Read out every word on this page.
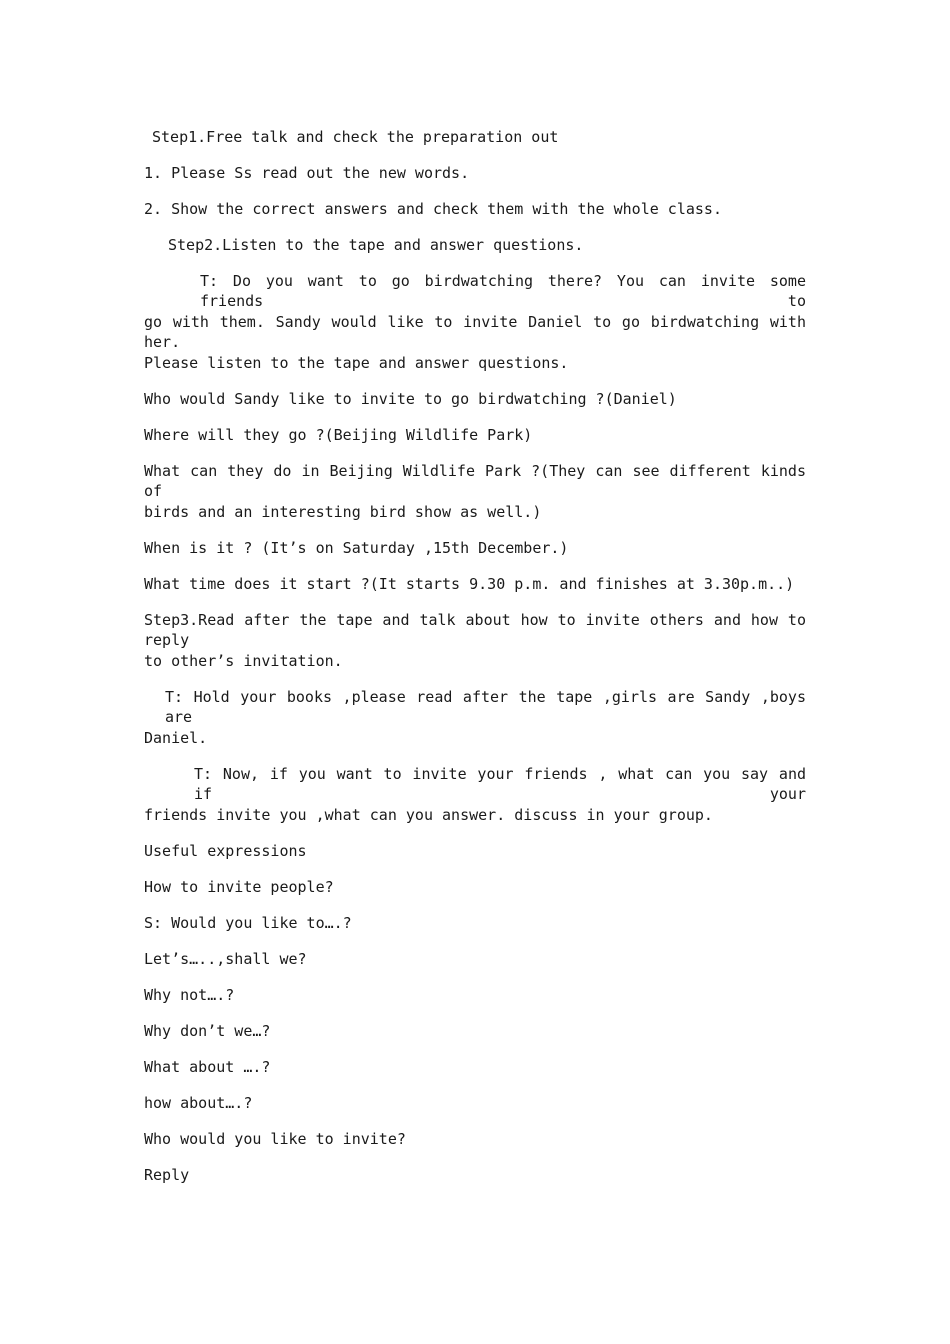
Step1.Free talk and check the preparation out
1. Please Ss read out the new words.
2. Show the correct answers and check them with the whole class.
Step2.Listen to the tape and answer questions.
T: Do you want to go birdwatching there? You can invite some friends to
go with them. Sandy would like to invite Daniel to go birdwatching with her.
Please listen to the tape and answer questions.
Who would Sandy like to invite to go birdwatching ?(Daniel)
Where will they go ?(Beijing Wildlife Park)
What can they do in Beijing Wildlife Park ?(They can see different kinds of
birds and an interesting bird show as well.)
When is it ? (It’s on Saturday ,15th December.)
What time does it start ?(It starts 9.30 p.m. and finishes at 3.30p.m..)
Step3.Read after the tape and talk about how to invite others and how to reply
to other’s invitation.
T: Hold your books ,please read after the tape ,girls are Sandy ,boys are
Daniel.
T: Now, if you want to invite your friends , what can you say and if your
friends invite you ,what can you answer. discuss in your group.
Useful expressions
How to invite people?
S: Would you like to….?
Let’s…..,shall we?
Why not….?
Why don’t we…?
What about ….?
how about….?
Who would you like to invite?
Reply
